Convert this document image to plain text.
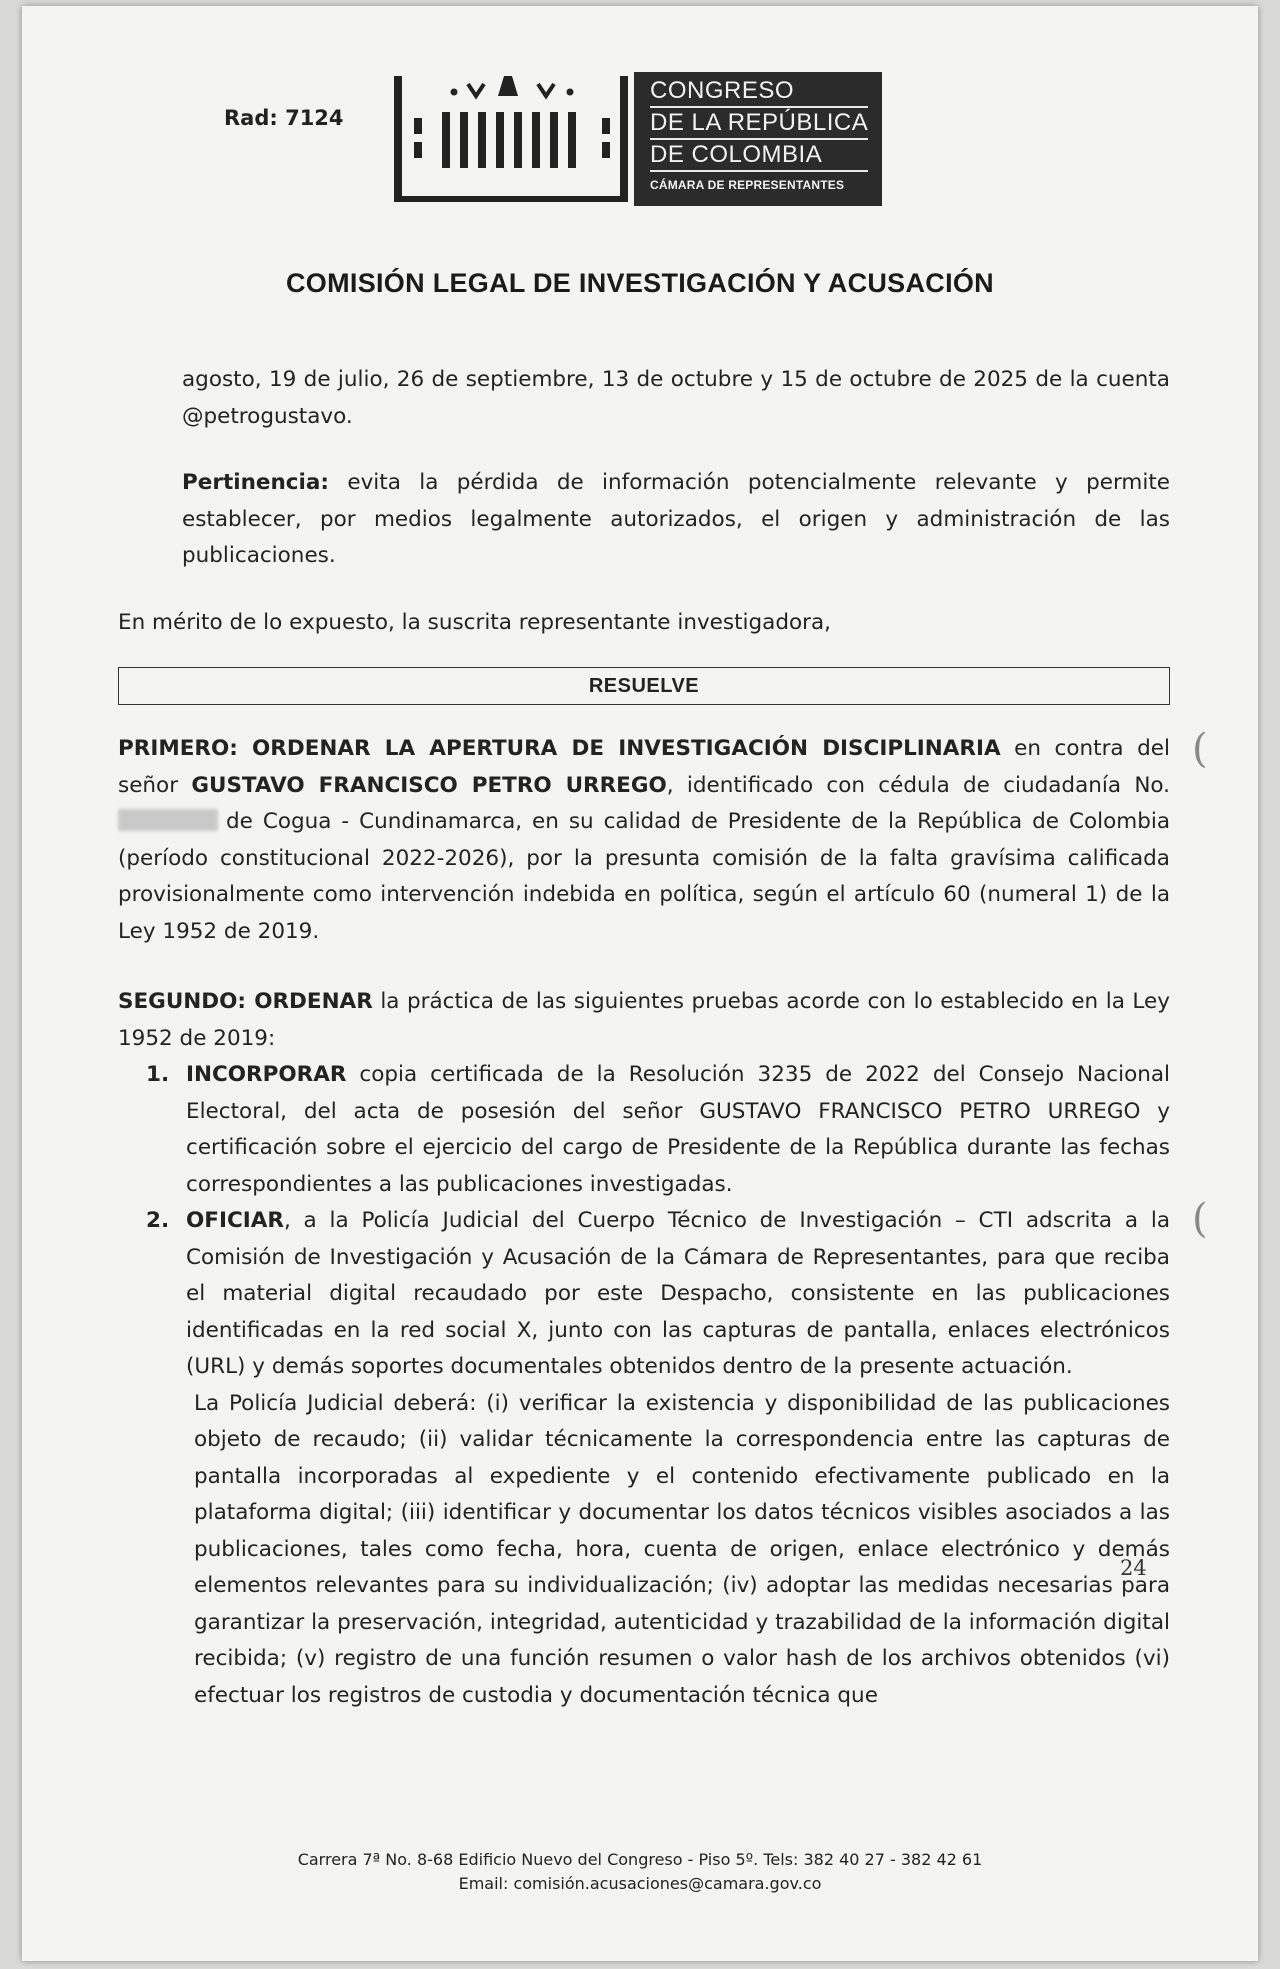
Rad: 7124
CONGRESO
DE LA REPÚBLICA
DE COLOMBIA
CÁMARA DE REPRESENTANTES
COMISIÓN LEGAL DE INVESTIGACIÓN Y ACUSACIÓN

agosto, 19 de julio, 26 de septiembre, 13 de octubre y 15 de octubre de 2025 de la cuenta @petrogustavo.

Pertinencia: evita la pérdida de información potencialmente relevante y permite establecer, por medios legalmente autorizados, el origen y administración de las publicaciones.

En mérito de lo expuesto, la suscrita representante investigadora,

RESUELVE

PRIMERO: ORDENAR LA APERTURA DE INVESTIGACIÓN DISCIPLINARIA en contra del señor GUSTAVO FRANCISCO PETRO URREGO, identificado con cédula de ciudadanía No. de Cogua - Cundinamarca, en su calidad de Presidente de la República de Colombia (período constitucional 2022-2026), por la presunta comisión de la falta gravísima calificada provisionalmente como intervención indebida en política, según el artículo 60 (numeral 1) de la Ley 1952 de 2019.

SEGUNDO: ORDENAR la práctica de las siguientes pruebas acorde con lo establecido en la Ley 1952 de 2019:

1. INCORPORAR copia certificada de la Resolución 3235 de 2022 del Consejo Nacional Electoral, del acta de posesión del señor GUSTAVO FRANCISCO PETRO URREGO y certificación sobre el ejercicio del cargo de Presidente de la República durante las fechas correspondientes a las publicaciones investigadas.
2. OFICIAR, a la Policía Judicial del Cuerpo Técnico de Investigación – CTI adscrita a la Comisión de Investigación y Acusación de la Cámara de Representantes, para que reciba el material digital recaudado por este Despacho, consistente en las publicaciones identificadas en la red social X, junto con las capturas de pantalla, enlaces electrónicos (URL) y demás soportes documentales obtenidos dentro de la presente actuación.

La Policía Judicial deberá: (i) verificar la existencia y disponibilidad de las publicaciones objeto de recaudo; (ii) validar técnicamente la correspondencia entre las capturas de pantalla incorporadas al expediente y el contenido efectivamente publicado en la plataforma digital; (iii) identificar y documentar los datos técnicos visibles asociados a las publicaciones, tales como fecha, hora, cuenta de origen, enlace electrónico y demás elementos relevantes para su individualización; (iv) adoptar las medidas necesarias para garantizar la preservación, integridad, autenticidad y trazabilidad de la información digital recibida; (v) registro de una función resumen o valor hash de los archivos obtenidos (vi) efectuar los registros de custodia y documentación técnica que

24
Carrera 7ª No. 8-68 Edificio Nuevo del Congreso - Piso 5º. Tels: 382 40 27 - 382 42 61
Email: comisión.acusaciones@camara.gov.co
(
(
